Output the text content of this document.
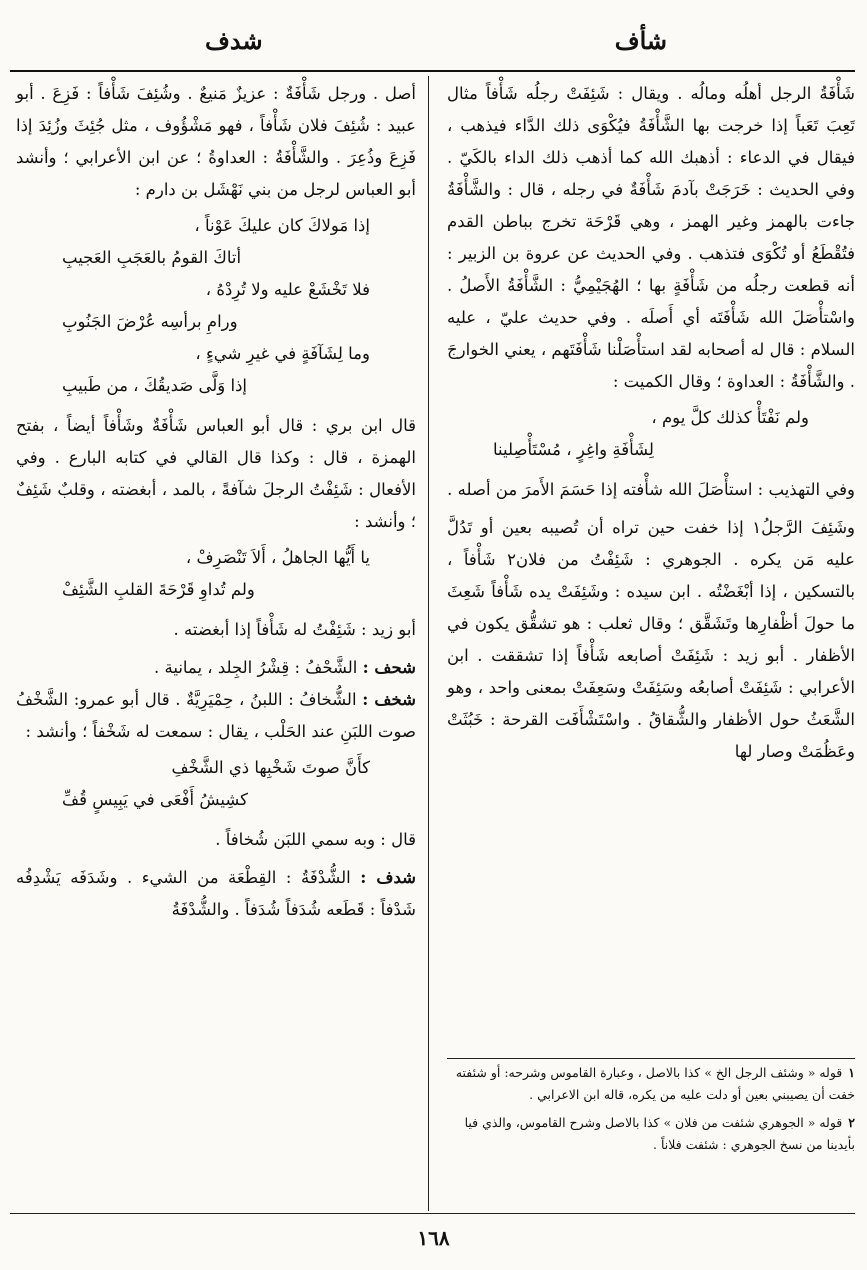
شأف
شدف

شَأْفَةُ الرجل أهلُه ومالُه . ويقال : شَئِفَتْ رجلُه شَأْفاً مثال تَعِبَ تَعَباً إذا خرجت بها الشَّأْفَةُ فيُكْوَى ذلك الدَّاء فيذهب ، فيقال في الدعاء : أذهبك الله كما أذهب ذلك الداء بالكَيّ . وفي الحديث : خَرَجَتْ بآدمَ شَأْفَةٌ في رجله ، قال : والشَّأْفَةُ جاءت بالهمز وغير الهمز ، وهي قَرْحَة تخرج بباطن القدم فتُقْطَعُ أو تُكْوَى فتذهب . وفي الحديث عن عروة بن الزبير : أنه قطعت رجلُه من شَأْفَةٍ بها ؛ الهُجَيْمِيُّ : الشَّأْفَةُ الأَصلُ . واسْتأْصَلَ الله شَأْفَتَه أي أَصلَه . وفي حديث عليّ ، عليه السلام : قال له أصحابه لقد استأْصَلْنا شَأْفَتَهم ، يعني الخوارجَ . والشَّأْفَةُ : العداوة ؛ وقال الكميت :

ولم نَفْتَأْ كذلك كلَّ يوم ،
لِشَأْفَةِ واغِرٍ ، مُسْتَأْصِلينا

وفي التهذيب : استأْصَلَ الله شأْفته إذا حَسَمَ الأَمرَ من أصله .

وشَئِفَ الرَّجلُ١ إذا خفت حين تراه أن تُصيبه بعين أو تَدُلَّ عليه مَن يكره . الجوهري : شَئِفْتُ من فلان٢ شَأْفاً ، بالتسكين ، إذا أبْغَضْتُه . ابن سيده : وشَئِفَتْ يده شَأْفاً شَعِثَ ما حولَ أظْفارِها وتَشَقَّق ؛ وقال ثعلب : هو تشقُّق يكون في الأظفار . أبو زيد : شَئِفَتْ أصابعه شَأْفاً إذا تشققت . ابن الأعرابي : شَئِفَتْ أصابعُه وسَئِفَتْ وسَعِفَتْ بمعنى واحد ، وهو الشَّعَثُ حول الأظفار والشُّقاقُ . واسْتَشْأَفَت القرحة : خَبُثَتْ وعَظُمَتْ وصار لها

١قوله « وشئف الرجل الخ » كذا بالاصل ، وعبارة القاموس وشرحه: أو شئفته خفت أن يصيبني بعين أو دلت عليه من يكره، قاله ابن الاعرابي .
٢قوله « الجوهري شئفت من فلان » كذا بالاصل وشرح القاموس، والذي فيا بأيدينا من نسخ الجوهري : شئفت فلاناً .

أصل . ورجل شَأْفَةٌ : عزيزٌ مَنيعٌ . وشُئِفَ شَأْفاً : فَزِعَ . أبو عبيد : شُئِفَ فلان شَأْفاً ، فهو مَشْؤُوف ، مثل جُئِثَ وزُئِدَ إذا فَزِعَ وذُعِرَ . والشَّأْفَةُ : العداوةُ ؛ عن ابن الأعرابي ؛ وأنشد أبو العباس لرجل من بني نَهْشَل بن دارم :

إذا مَولاكَ كان عليكَ عَوْناً ،
أتاكَ القومُ بالعَجَبِ العَجيبِ
فلا تَخْشَعْ عليه ولا تُرِدْهُ ،
ورامِ برأسِه عُرْضَ الجَنُوبِ
وما لِشَآفَةٍ في غيرِ شيءٍ ،
إذا وَلَّى صَديقُكَ ، من طَبيبِ

قال ابن بري : قال أبو العباس شَأْفَةٌ وشَأْفاً أيضاً ، بفتح الهمزة ، قال : وكذا قال القالي في كتابه البارع . وفي الأفعال : شَئِفْتُ الرجلَ شآفةً ، بالمد ، أبغضته ، وقلبٌ شَئِفٌ ؛ وأنشد :

يا أَيُّها الجاهلُ ، أَلاَ تَنْصَرِفْ ،
ولم تُداوِ قَرْحَةَ القلبِ الشَّئِفْ

أبو زيد : شَئِفْتُ له شَأْفاً إذا أبغضته .

شحف : الشَّحْفُ : قِشْرُ الجِلد ، يمانية .

شخف : الشُّخافُ : اللبنُ ، حِمْيَرِيَّةٌ . قال أبو عمرو: الشَّخْفُ صوت اللبَنِ عند الحَلْب ، يقال : سمعت له شَخْفاً ؛ وأنشد :

كأَنَّ صوتَ شَخْبِها ذي الشَّخْفِ
كشِيشُ أَفْعَى في يَبِيسٍ قُفِّ

قال : وبه سمي اللبَن شُخافاً .

شدف : الشُّدْفَةُ : القِطْعَة من الشيء . وشَدَفَه يَشْدِفُه شَدْفاً : قَطَعه شُدَفاً شُدَفاً . والشُّدْفَةُ

١٦٨
